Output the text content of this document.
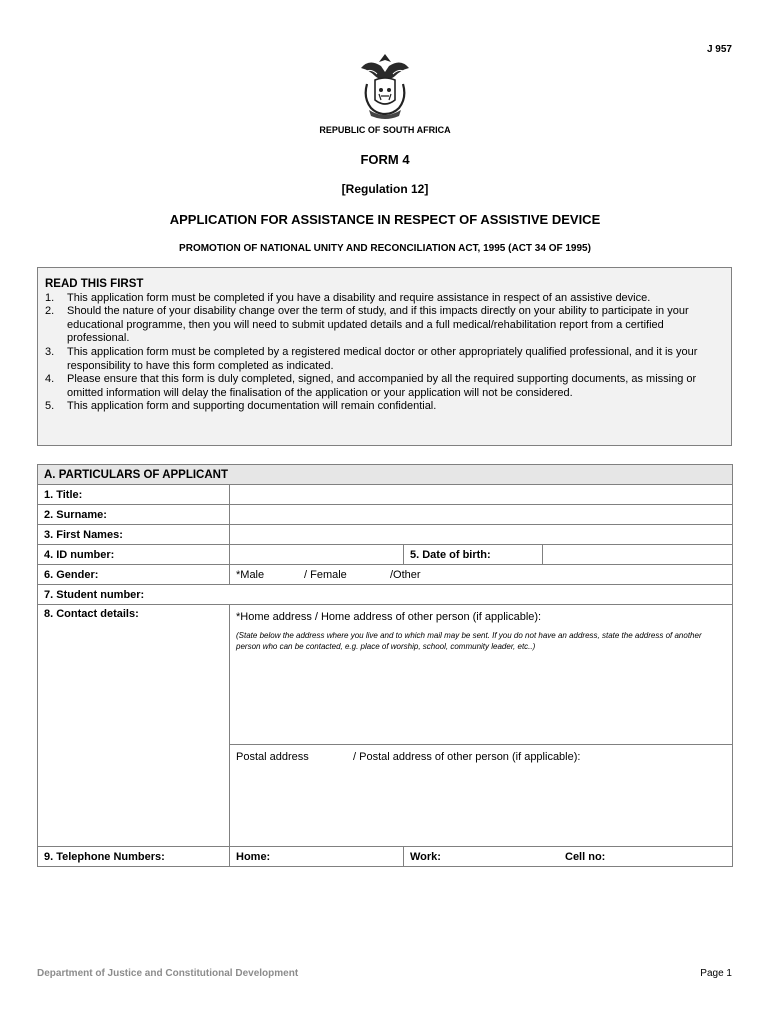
J 957
REPUBLIC OF SOUTH AFRICA
FORM 4
[Regulation 12]
APPLICATION FOR ASSISTANCE IN RESPECT OF ASSISTIVE DEVICE
PROMOTION OF NATIONAL UNITY AND RECONCILIATION ACT, 1995 (ACT 34 OF 1995)
READ THIS FIRST
1.	This application form must be completed if you have a disability and require assistance in respect of an assistive device.
2.	Should the nature of your disability change over the term of study, and if this impacts directly on your ability to participate in your educational programme, then you will need to submit updated details and a full medical/rehabilitation report from a certified professional.
3.	This application form must be completed by a registered medical doctor or other appropriately qualified professional, and it is your responsibility to have this form completed as indicated.
4.	Please ensure that this form is duly completed, signed, and accompanied by all the required supporting documents, as missing or omitted information will delay the finalisation of the application or your application will not be considered.
5.	This application form and supporting documentation will remain confidential.
A. PARTICULARS OF APPLICANT			
1. Title:			
2. Surname:			
3. First Names:			
4. ID number:		5. Date of birth:	
6. Gender:	*Male / Female /Other		
7. Student number:			
8. Contact details:	*Home address / Home address of other person (if applicable):
(State below the address where you live and to which mail may be sent. If you do not have an address, state the address of another person who can be contacted, e.g. place of worship, school, community leader, etc..)		

	Postal address / Postal address of other person (if applicable):		
9. Telephone Numbers:	Home:	Work: Cell no:	
Department of Justice and Constitutional Development	Page 1
